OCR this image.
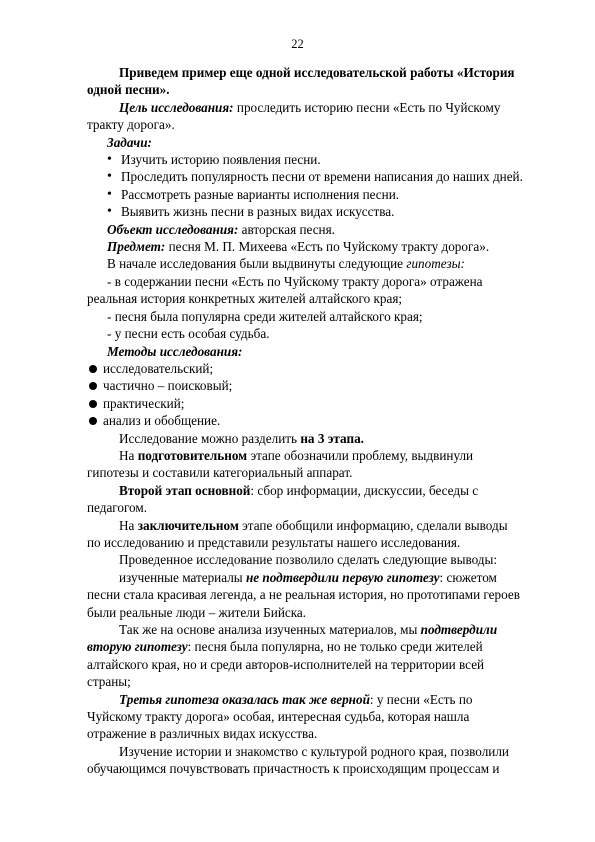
22

Приведем пример еще одной исследовательской работы «История одной песни».

Цель исследования: проследить историю песни «Есть по Чуйскому тракту дорога».

Задачи:

• Изучить историю появления песни.
• Проследить популярность песни от времени написания до наших дней.
• Рассмотреть разные варианты исполнения песни.
• Выявить жизнь песни в разных видах искусства.

Объект исследования: авторская песня.

Предмет: песня М. П. Михеева «Есть по Чуйскому тракту дорога».

В начале исследования были выдвинуты следующие гипотезы:

- в содержании песни «Есть по Чуйскому тракту дорога» отражена реальная история конкретных жителей алтайского края;

- песня была популярна среди жителей алтайского края;

- у песни есть особая судьба.

Методы исследования:

исследовательский;
частично – поисковый;
практический;
анализ и обобщение.

Исследование можно разделить на 3 этапа.

На подготовительном этапе обозначили проблему, выдвинули гипотезы и составили категориальный аппарат.

Второй этап основной: сбор информации, дискуссии, беседы с педагогом.

На заключительном этапе обобщили информацию, сделали выводы по исследованию и представили результаты нашего исследования.

Проведенное исследование позволило сделать следующие выводы:

изученные материалы не подтвердили первую гипотезу: сюжетом песни стала красивая легенда, а не реальная история, но прототипами героев были реальные люди – жители Бийска.

Так же на основе анализа изученных материалов, мы подтвердили вторую гипотезу: песня была популярна, но не только среди жителей алтайского края, но и среди авторов-исполнителей на территории всей страны;

Третья гипотеза оказалась так же верной: у песни «Есть по Чуйскому тракту дорога» особая, интересная судьба, которая нашла отражение в различных видах искусства.

Изучение истории и знакомство с культурой родного края, позволили обучающимся почувствовать причастность к происходящим процессам и
